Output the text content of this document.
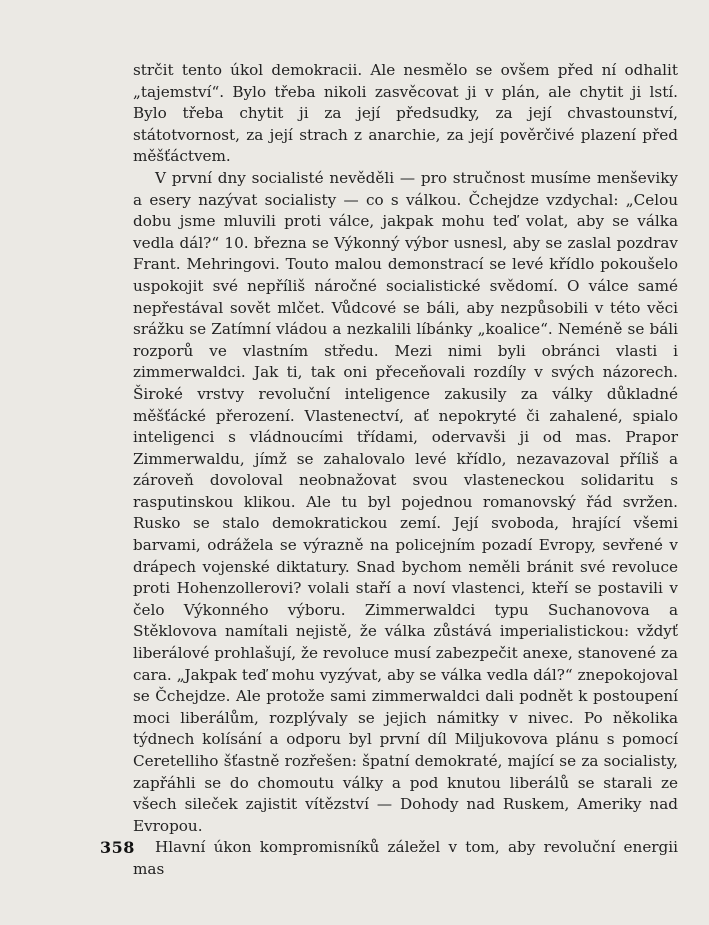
strčit tento úkol demokracii. Ale nesmělo se ovšem před ní odhalit „tajemství“. Bylo třeba nikoli zasvěcovat ji v plán, ale chytit ji lstí. Bylo třeba chytit ji za její předsudky, za její chvastounství, státotvornost, za její strach z anarchie, za její pověrčivé plazení před měšťáctvem.

V první dny socialisté nevěděli — pro stručnost musíme menševiky a esery nazývat socialisty — co s válkou. Čchejdze vzdychal: „Celou dobu jsme mluvili proti válce, jakpak mohu teď volat, aby se válka vedla dál?“ 10. března se Výkonný výbor usnesl, aby se zaslal pozdrav Frant. Mehringovi. Touto malou demonstrací se levé křídlo pokoušelo uspokojit své nepříliš náročné socialistické svědomí. O válce samé nepřestával sovět mlčet. Vůdcové se báli, aby nezpůsobili v této věci srážku se Zatímní vládou a nezkalili líbánky „koalice“. Neméně se báli rozporů ve vlastním středu. Mezi nimi byli obránci vlasti i zimmerwaldci. Jak ti, tak oni přeceňovali rozdíly v svých názorech. Široké vrstvy revoluční inteligence zakusily za války důkladné měšťácké přerození. Vlastenectví, ať nepokryté či zahalené, spialo inteligenci s vládnoucími třídami, odervavši ji od mas. Prapor Zimmerwaldu, jímž se zahalovalo levé křídlo, nezavazoval příliš a zároveň dovoloval neobnažovat svou vlasteneckou solidaritu s rasputinskou klikou. Ale tu byl pojednou romanovský řád svržen. Rusko se stalo demokratickou zemí. Její svoboda, hrající všemi barvami, odrážela se výrazně na policejním pozadí Evropy, sevřené v drápech vojenské diktatury. Snad bychom neměli bránit své revoluce proti Hohenzollerovi? volali staří a noví vlastenci, kteří se postavili v čelo Výkonného výboru. Zimmerwaldci typu Suchanovova a Stěklovova namítali nejistě, že válka zůstává imperialistickou: vždyť liberálové prohlašují, že revoluce musí zabezpečit anexe, stanovené za cara. „Jakpak teď mohu vyzývat, aby se válka vedla dál?“ znepokojoval se Čchejdze. Ale protože sami zimmerwaldci dali podnět k postoupení moci liberálům, rozplývaly se jejich námitky v nivec. Po několika týdnech kolísání a odporu byl první díl Miljukovova plánu s pomocí Ceretelliho šťastně rozřešen: špatní demokraté, mající se za socialisty, zapřáhli se do chomoutu války a pod knutou liberálů se starali ze všech sileček zajistit vítězství — Dohody nad Ruskem, Ameriky nad Evropou.

Hlavní úkon kompromisníků záležel v tom, aby revoluční energii mas

358
